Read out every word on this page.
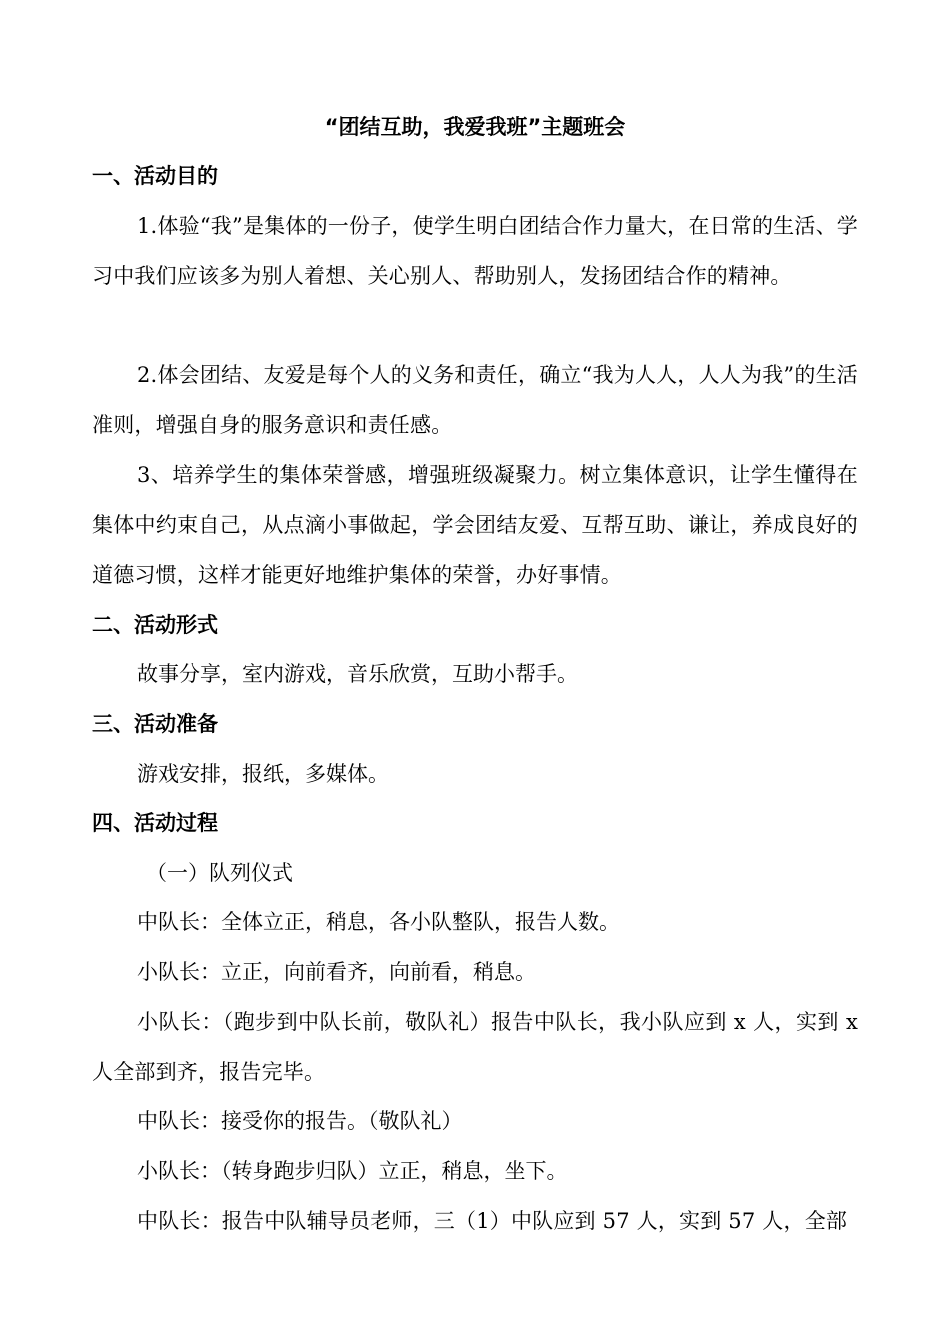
“团结互助，我爱我班”主题班会
一、活动目的
1.体验“我”是集体的一份子，使学生明白团结合作力量大，在日常的生活、学习中我们应该多为别人着想、关心别人、帮助别人，发扬团结合作的精神。
2.体会团结、友爱是每个人的义务和责任，确立“我为人人，人人为我”的生活准则，增强自身的服务意识和责任感。
3、培养学生的集体荣誉感，增强班级凝聚力。树立集体意识，让学生懂得在集体中约束自己，从点滴小事做起，学会团结友爱、互帮互助、谦让，养成良好的道德习惯，这样才能更好地维护集体的荣誉，办好事情。
二、活动形式
故事分享，室内游戏，音乐欣赏，互助小帮手。
三、活动准备
游戏安排，报纸，多媒体。
四、活动过程
（一）队列仪式
中队长：全体立正，稍息，各小队整队，报告人数。
小队长：立正，向前看齐，向前看，稍息。
小队长：（跑步到中队长前，敬队礼）报告中队长，我小队应到 x 人，实到 x 人全部到齐，报告完毕。
中队长：接受你的报告。（敬队礼）
小队长：（转身跑步归队）立正，稍息，坐下。
中队长：报告中队辅导员老师，三（1）中队应到 57 人，实到 57 人，全部
